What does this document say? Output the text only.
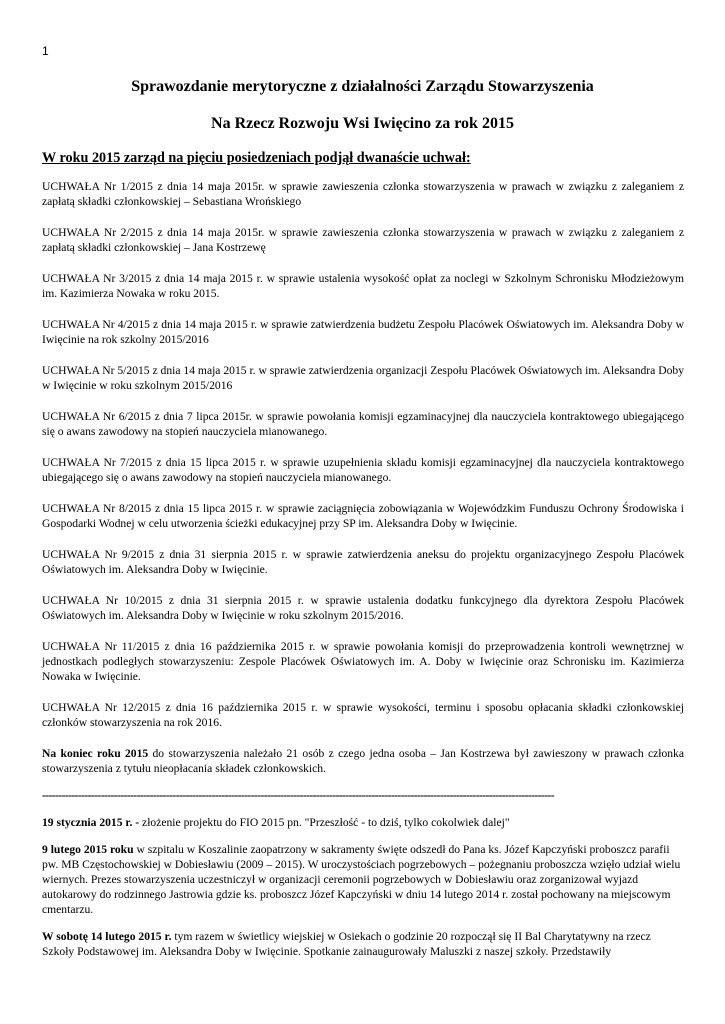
1
Sprawozdanie merytoryczne z działalności Zarządu Stowarzyszenia
Na Rzecz Rozwoju Wsi Iwięcino za rok 2015
W roku 2015 zarząd na pięciu posiedzeniach podjął dwanaście uchwał:

UCHWAŁA Nr 1/2015 z dnia 14 maja 2015r. w sprawie zawieszenia członka stowarzyszenia w prawach w związku z zaleganiem z zapłatą składki członkowskiej – Sebastiana Wrońskiego

UCHWAŁA Nr 2/2015 z dnia 14 maja 2015r. w sprawie zawieszenia członka stowarzyszenia w prawach w związku z zaleganiem z zapłatą składki członkowskiej – Jana Kostrzewę

UCHWAŁA Nr 3/2015 z dnia 14 maja 2015 r. w sprawie ustalenia wysokość opłat za noclegi w Szkolnym Schronisku Młodzieżowym im. Kazimierza Nowaka w roku 2015.

UCHWAŁA Nr 4/2015 z dnia 14 maja 2015 r. w sprawie zatwierdzenia budżetu Zespołu Placówek Oświatowych im. Aleksandra Doby w Iwięcinie na rok szkolny 2015/2016

UCHWAŁA Nr 5/2015 z dnia 14 maja 2015 r. w sprawie zatwierdzenia organizacji Zespołu Placówek Oświatowych im. Aleksandra Doby w Iwięcinie w roku szkolnym 2015/2016

UCHWAŁA Nr 6/2015 z dnia 7 lipca 2015r. w sprawie powołania komisji egzaminacyjnej dla nauczyciela kontraktowego ubiegającego się o awans zawodowy na stopień nauczyciela mianowanego.

UCHWAŁA Nr 7/2015 z dnia 15 lipca 2015 r. w sprawie uzupełnienia składu komisji egzaminacyjnej dla nauczyciela kontraktowego ubiegającego się o awans zawodowy na stopień nauczyciela mianowanego.

UCHWAŁA Nr 8/2015 z dnia 15 lipca 2015 r. w sprawie zaciągnięcia zobowiązania w Wojewódzkim Funduszu Ochrony Środowiska i Gospodarki Wodnej w celu utworzenia ścieżki edukacyjnej przy SP im. Aleksandra Doby w Iwięcinie.

UCHWAŁA Nr 9/2015 z dnia 31 sierpnia 2015 r. w sprawie zatwierdzenia aneksu do projektu organizacyjnego Zespołu Placówek Oświatowych im. Aleksandra Doby w Iwięcinie.

UCHWAŁA Nr 10/2015 z dnia 31 sierpnia 2015 r. w sprawie ustalenia dodatku funkcyjnego dla dyrektora Zespołu Placówek Oświatowych im. Aleksandra Doby w Iwięcinie w roku szkolnym 2015/2016.

UCHWAŁA Nr 11/2015 z dnia 16 października 2015 r. w sprawie powołania komisji do przeprowadzenia kontroli wewnętrznej w jednostkach podległych stowarzyszeniu: Zespole Placówek Oświatowych im. A. Doby w Iwięcinie oraz Schronisku im. Kazimierza Nowaka w Iwięcinie.

UCHWAŁA Nr 12/2015 z dnia 16 października 2015 r. w sprawie wysokości, terminu i sposobu opłacania składki członkowskiej członków stowarzyszenia na rok 2016.

Na koniec roku 2015 do stowarzyszenia należało 21 osób z czego jedna osoba – Jan Kostrzewa był zawieszony w prawach członka stowarzyszenia z tytułu nieopłacania składek członkowskich.

-------------------------------------------------------------------------------------------------------------------------------------------------------------

19 stycznia 2015 r. - złożenie projektu do FIO 2015 pn. "Przeszłość - to dziś, tylko cokolwiek dalej"

9 lutego 2015 roku w szpitalu w Koszalinie zaopatrzony w sakramenty święte odszedł do Pana ks. Józef Kapczyński proboszcz parafii pw. MB Częstochowskiej w Dobiesławiu (2009 – 2015). W uroczystościach pogrzebowych – pożegnaniu proboszcza wzięło udział wielu wiernych. Prezes stowarzyszenia uczestniczył w organizacji ceremonii pogrzebowych w Dobiesławiu oraz zorganizował wyjazd autokarowy do rodzinnego Jastrowia gdzie ks. proboszcz Józef Kapczyński w dniu 14 lutego 2014 r. został pochowany na miejscowym cmentarzu.

W sobotę 14 lutego 2015 r. tym razem w świetlicy wiejskiej w Osiekach o godzinie 20 rozpoczął się II Bal Charytatywny na rzecz Szkoły Podstawowej im. Aleksandra Doby w Iwięcinie. Spotkanie zainaugurowały Maluszki z naszej szkoły. Przedstawiły
